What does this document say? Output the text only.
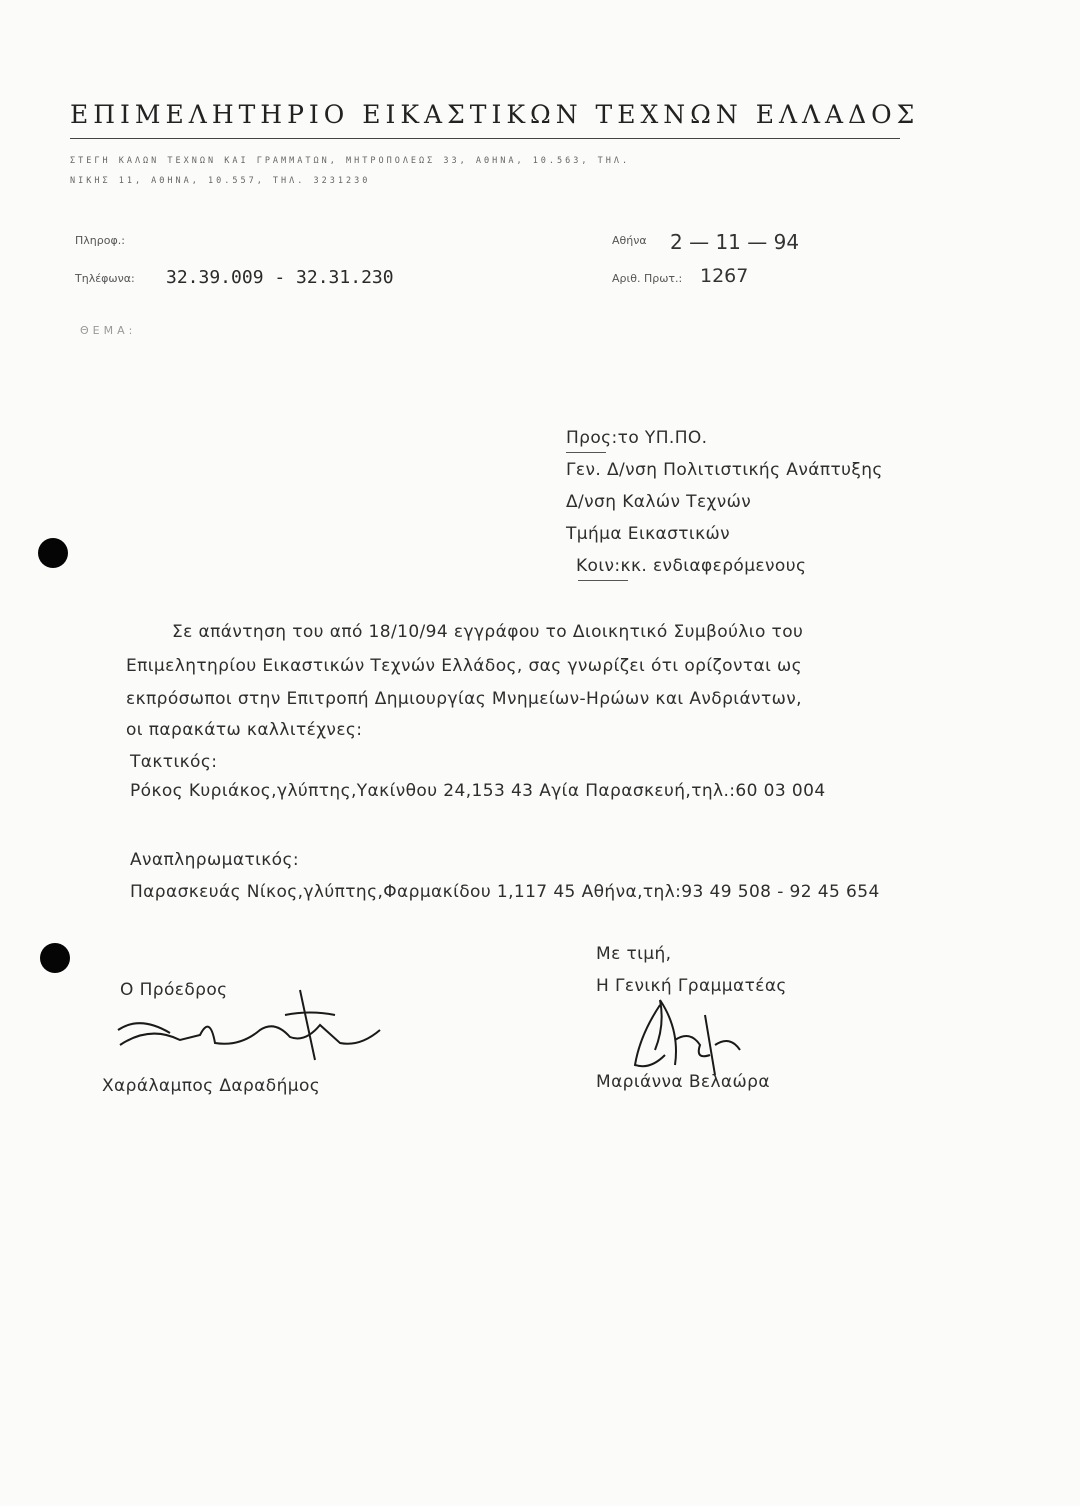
ΕΠΙΜΕΛΗΤΗΡΙΟ ΕΙΚΑΣΤΙΚΩΝ ΤΕΧΝΩΝ ΕΛΛΑΔΟΣ
ΣΤΕΓΗ ΚΑΛΩΝ ΤΕΧΝΩΝ ΚΑΙ ΓΡΑΜΜΑΤΩΝ, ΜΗΤΡΟΠΟΛΕΩΣ 33, ΑΘΗΝΑ, 10.563, ΤΗΛ.
ΝΙΚΗΣ 11, ΑΘΗΝΑ, 10.557, ΤΗΛ. 3231230
Πληροφ.:
Τηλέφωνα: 32.39.009 - 32.31.230
ΘΕΜΑ:
Αθήνα 2 — 11 — 94
Αριθ. Πρωτ.: 1267
Προς:το ΥΠ.ΠΟ.
Γεν. Δ/νση Πολιτιστικής Ανάπτυξης
Δ/νση Καλών Τεχνών
Τμήμα Εικαστικών
Κοιν:κκ. ενδιαφερόμενους
Σε απάντηση του από 18/10/94 εγγράφου το Διοικητικό Συμβούλιο του
Επιμελητηρίου Εικαστικών Τεχνών Ελλάδος, σας γνωρίζει ότι ορίζονται ως
εκπρόσωποι στην Επιτροπή Δημιουργίας Μνημείων-Ηρώων και Ανδριάντων,
οι παρακάτω καλλιτέχνες:
Τακτικός:
Ρόκος Κυριάκος,γλύπτης,Υακίνθου 24,153 43 Αγία Παρασκευή,τηλ.:60 03 004
Αναπληρωματικός:
Παρασκευάς Νίκος,γλύπτης,Φαρμακίδου 1,117 45 Αθήνα,τηλ:93 49 508 - 92 45 654
Με τιμή,
Ο Πρόεδρος	Η Γενική Γραμματέας
Χαράλαμπος Δαραδήμος	Μαριάννα Βελαώρα
